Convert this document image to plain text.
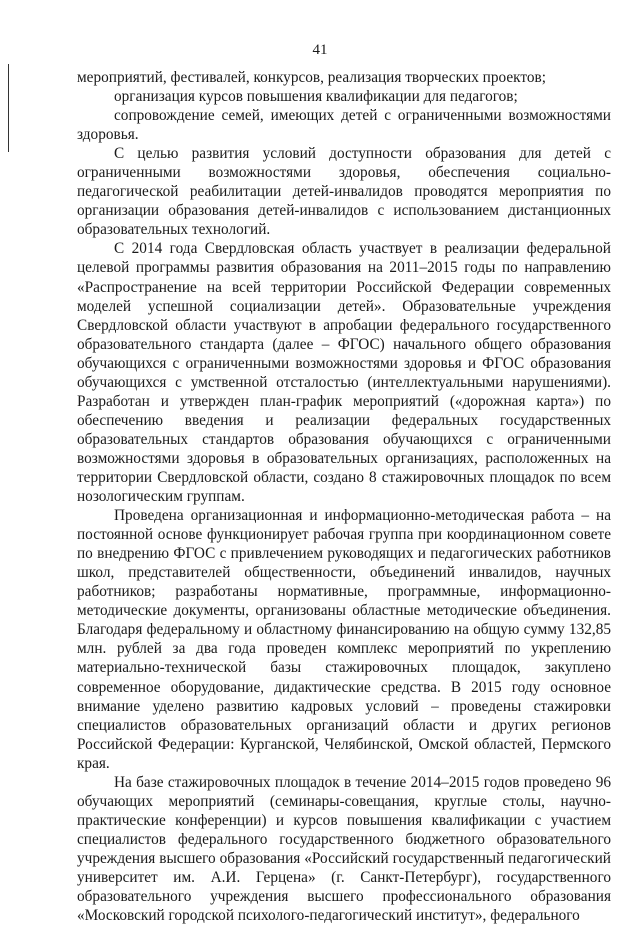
41

мероприятий, фестивалей, конкурсов, реализация творческих проектов;

организация курсов повышения квалификации для педагогов;

сопровождение семей, имеющих детей с ограниченными возможностями здоровья.

С целью развития условий доступности образования для детей с ограниченными возможностями здоровья, обеспечения социально-педагогической реабилитации детей-инвалидов проводятся мероприятия по организации образования детей-инвалидов с использованием дистанционных образовательных технологий.

С 2014 года Свердловская область участвует в реализации федеральной целевой программы развития образования на 2011–2015 годы по направлению «Распространение на всей территории Российской Федерации современных моделей успешной социализации детей». Образовательные учреждения Свердловской области участвуют в апробации федерального государственного образовательного стандарта (далее – ФГОС) начального общего образования обучающихся с ограниченными возможностями здоровья и ФГОС образования обучающихся с умственной отсталостью (интеллектуальными нарушениями). Разработан и утвержден план-график мероприятий («дорожная карта») по обеспечению введения и реализации федеральных государственных образовательных стандартов образования обучающихся с ограниченными возможностями здоровья в образовательных организациях, расположенных на территории Свердловской области, создано 8 стажировочных площадок по всем нозологическим группам.

Проведена организационная и информационно-методическая работа – на постоянной основе функционирует рабочая группа при координационном совете по внедрению ФГОС с привлечением руководящих и педагогических работников школ, представителей общественности, объединений инвалидов, научных работников; разработаны нормативные, программные, информационно-методические документы, организованы областные методические объединения. Благодаря федеральному и областному финансированию на общую сумму 132,85 млн. рублей за два года проведен комплекс мероприятий по укреплению материально-технической базы стажировочных площадок, закуплено современное оборудование, дидактические средства. В 2015 году основное внимание уделено развитию кадровых условий – проведены стажировки специалистов образовательных организаций области и других регионов Российской Федерации: Курганской, Челябинской, Омской областей, Пермского края.

На базе стажировочных площадок в течение 2014–2015 годов проведено 96 обучающих мероприятий (семинары-совещания, круглые столы, научно-практические конференции) и курсов повышения квалификации с участием специалистов федерального государственного бюджетного образовательного учреждения высшего образования «Российский государственный педагогический университет им. А.И. Герцена» (г. Санкт-Петербург), государственного образовательного учреждения высшего профессионального образования «Московский городской психолого-педагогический институт», федерального
